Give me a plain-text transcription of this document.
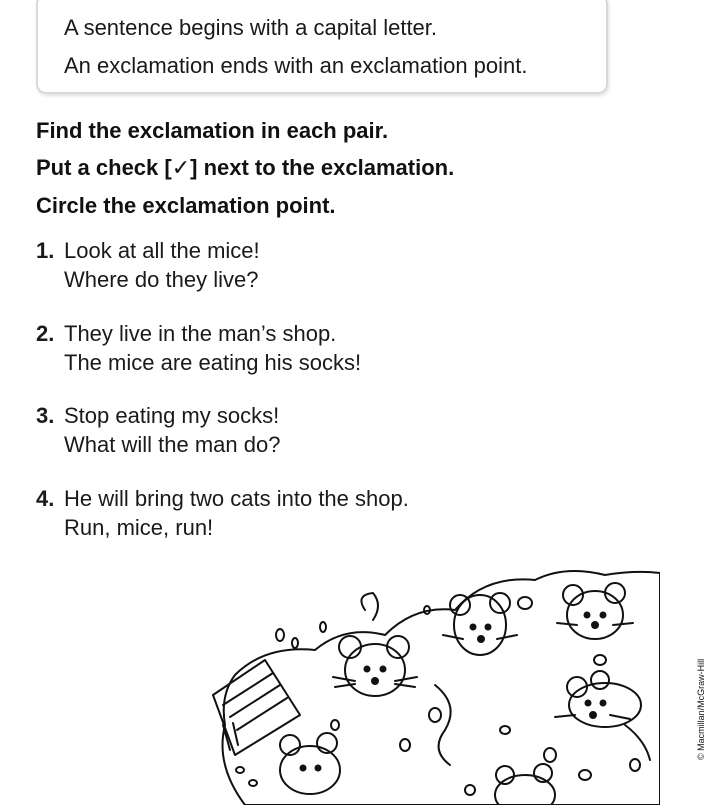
A sentence begins with a capital letter.
An exclamation ends with an exclamation point.
Find the exclamation in each pair.
Put a check [✓] next to the exclamation.
Circle the exclamation point.
1. Look at all the mice!
Where do they live?
2. They live in the man’s shop.
The mice are eating his socks!
3. Stop eating my socks!
What will the man do?
4. He will bring two cats into the shop.
Run, mice, run!
© Macmillan/McGraw-Hill
